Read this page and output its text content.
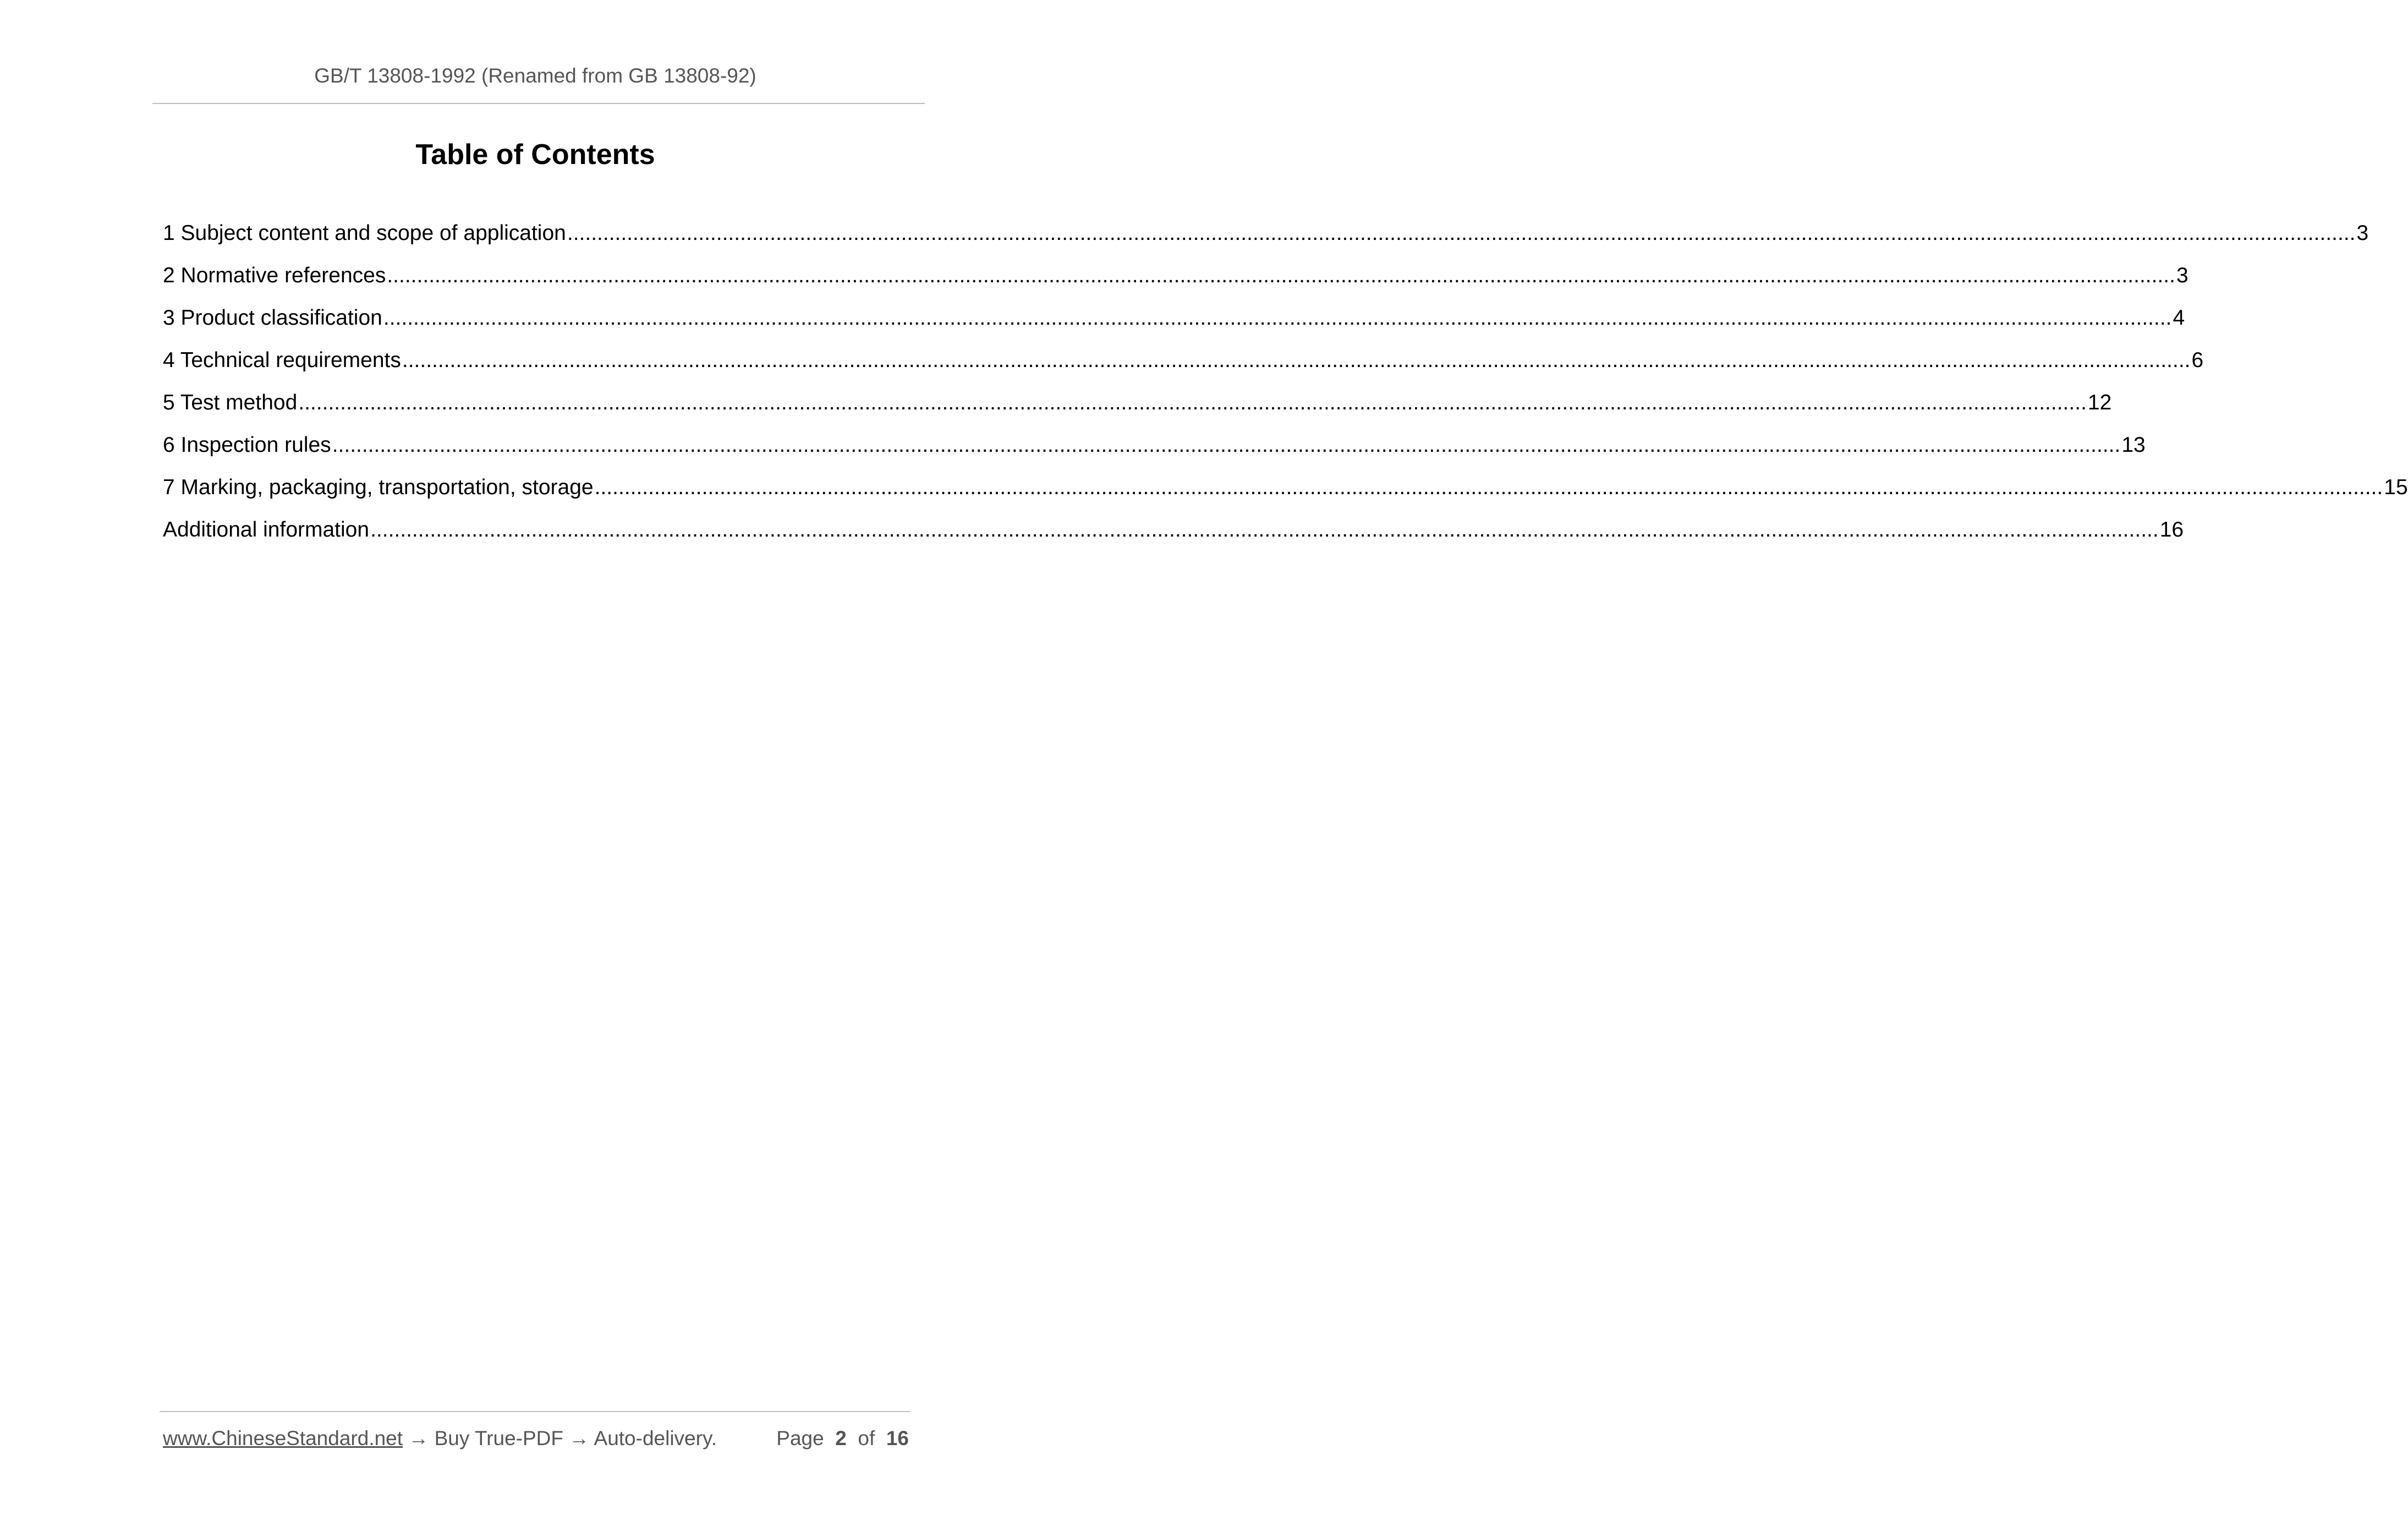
GB/T 13808-1992 (Renamed from GB 13808-92)
Table of Contents
1 Subject content and scope of application ............................................................................................................................................................................................................................................................................................................ 3
2 Normative references ............................................................................................................................................................................................................................................................................................................ 3
3 Product classification ............................................................................................................................................................................................................................................................................................................ 4
4 Technical requirements ............................................................................................................................................................................................................................................................................................................ 6
5 Test method ............................................................................................................................................................................................................................................................................................................ 12
6 Inspection rules ............................................................................................................................................................................................................................................................................................................ 13
7 Marking, packaging, transportation, storage ............................................................................................................................................................................................................................................................................................................ 15
Additional information ............................................................................................................................................................................................................................................................................................................ 16
www.ChineseStandard.net → Buy True-PDF → Auto-delivery.	Page 2 of 16
